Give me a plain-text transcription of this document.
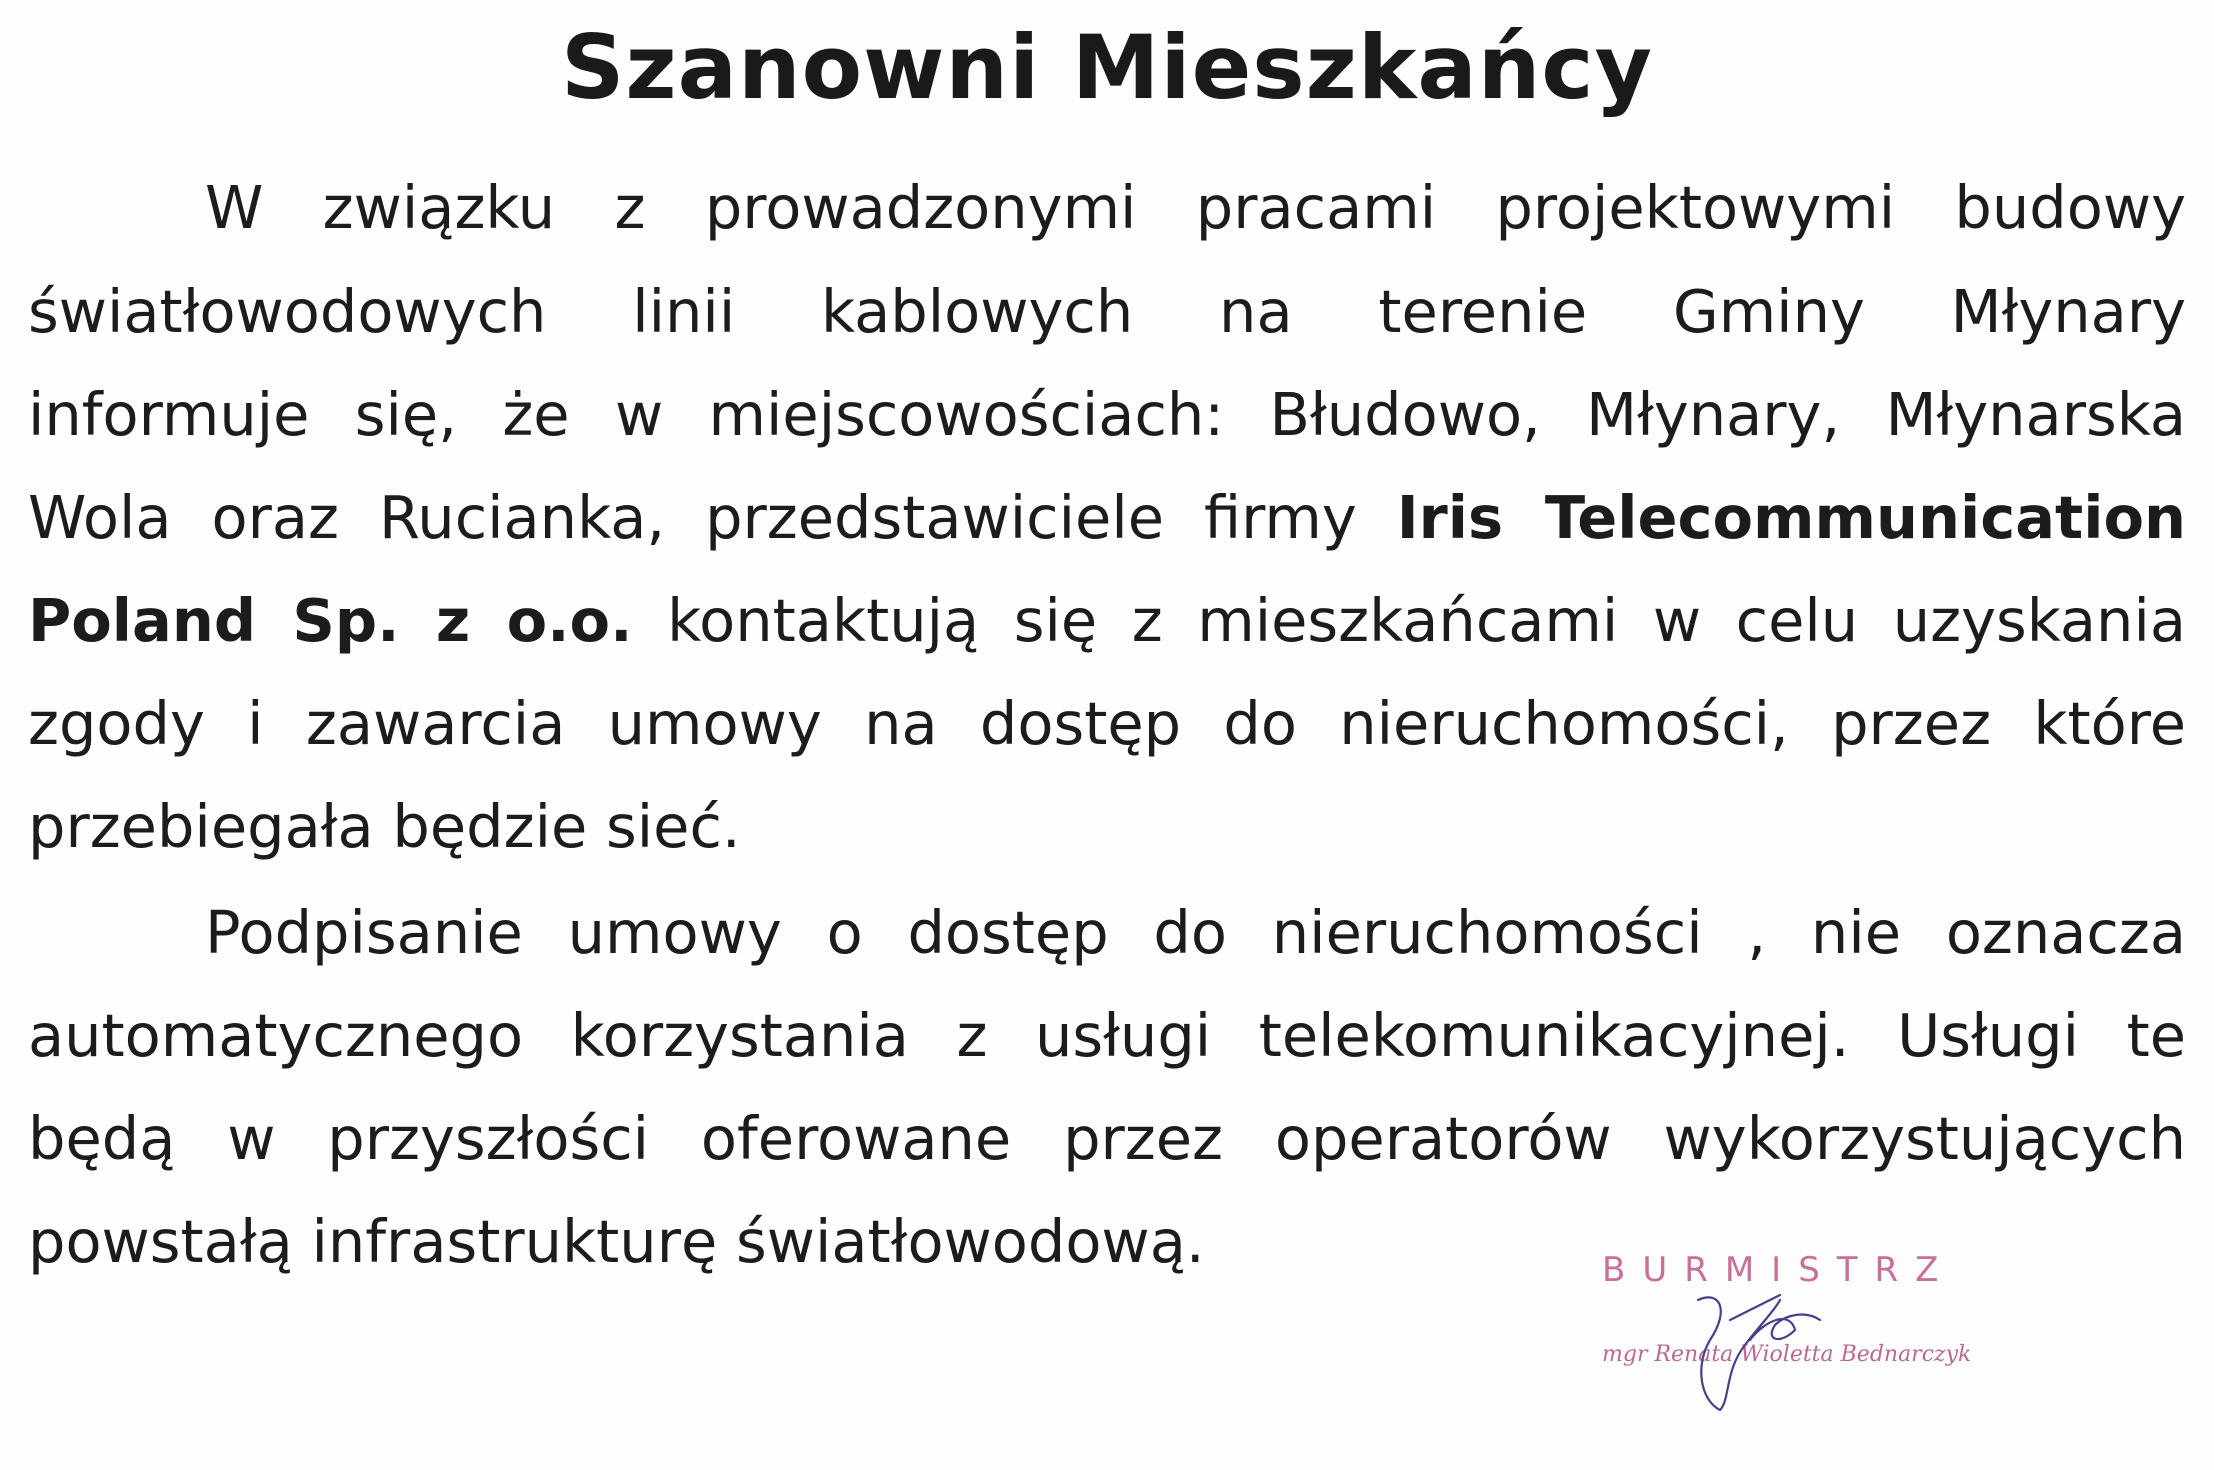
Szanowni Mieszkańcy
W związku z prowadzonymi pracami projektowymi budowy
światłowodowych linii kablowych na terenie Gminy Młynary
informuje się, że w miejscowościach: Błudowo, Młynary, Młynarska
Wola oraz Rucianka, przedstawiciele firmy Iris Telecommunication
Poland Sp. z o.o. kontaktują się z mieszkańcami w celu uzyskania
zgody i zawarcia umowy na dostęp do nieruchomości, przez które
przebiegała będzie sieć.
Podpisanie umowy o dostęp do nieruchomości , nie oznacza
automatycznego korzystania z usługi telekomunikacyjnej. Usługi te
będą w przyszłości oferowane przez operatorów wykorzystujących
powstałą infrastrukturę światłowodową.	BURMISTRZ
mgr Renata Wioletta Bednarczyk
